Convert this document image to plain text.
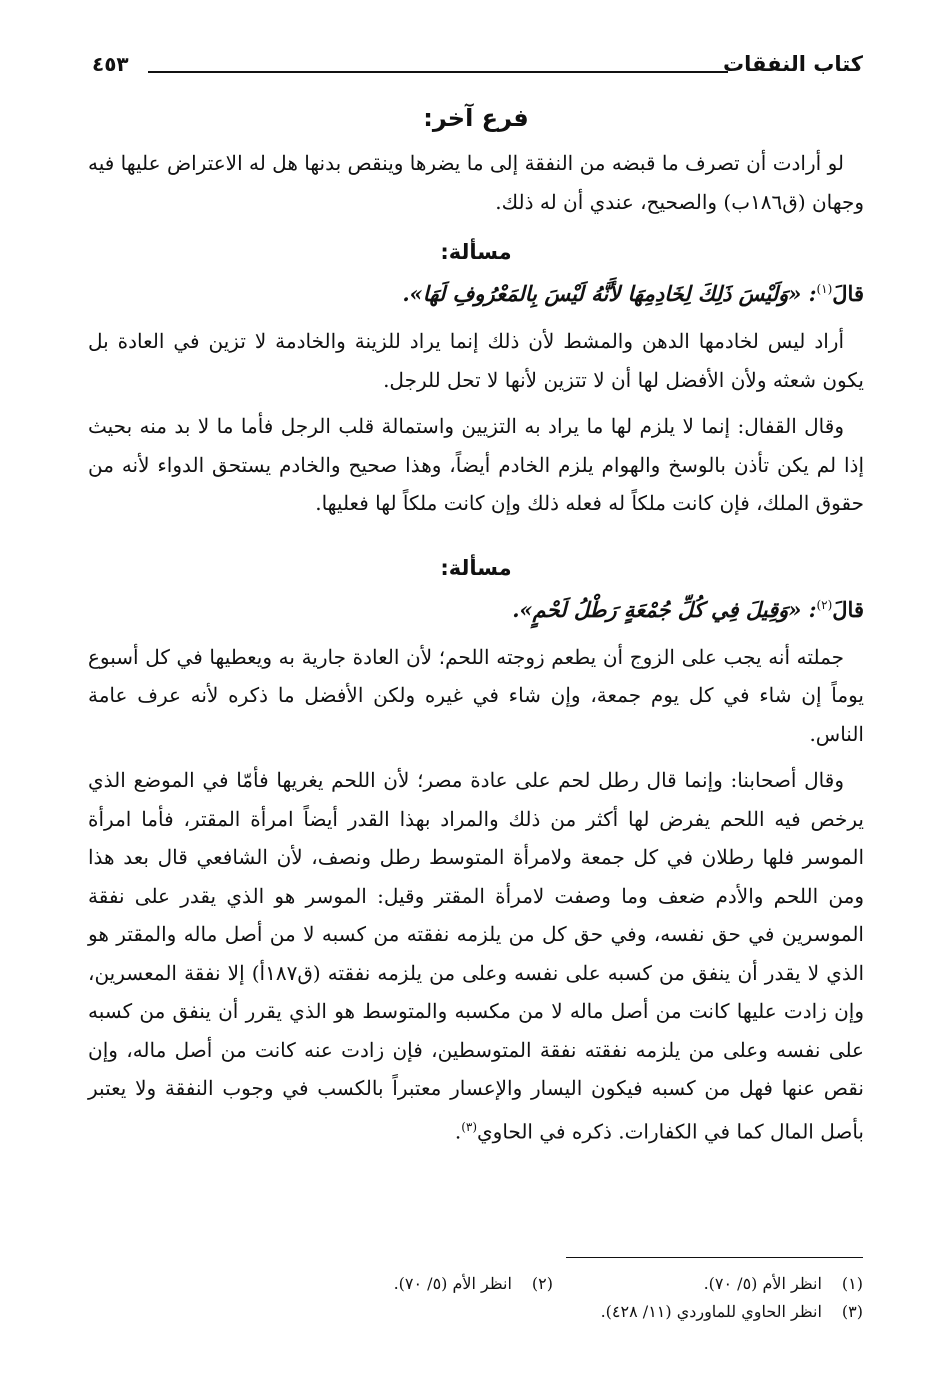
كتاب النفقات
٤٥٣
فرع آخر:

لو أرادت أن تصرف ما قبضه من النفقة إلى ما يضرها وينقص بدنها هل له الاعتراض عليها فيه وجهان (ق١٨٦ب) والصحيح، عندي أن له ذلك.

مسألة:

قالَ$^{(١)}$: «وَلَيْسَ ذَلِكَ لِخَادِمِهَا لأَنَّهُ لَيْسَ بِالمَعْرُوفِ لَهَا».

أراد ليس لخادمها الدهن والمشط لأن ذلك إنما يراد للزينة والخادمة لا تزين في العادة بل يكون شعثه ولأن الأفضل لها أن لا تتزين لأنها لا تحل للرجل.

وقال القفال: إنما لا يلزم لها ما يراد به التزيين واستمالة قلب الرجل فأما ما لا بد منه بحيث إذا لم يكن تأذن بالوسخ والهوام يلزم الخادم أيضاً، وهذا صحيح والخادم يستحق الدواء لأنه من حقوق الملك، فإن كانت ملكاً له فعله ذلك وإن كانت ملكاً لها فعليها.

مسألة:

قالَ$^{(٢)}$: «وَقِيلَ فِي كُلِّ جُمْعَةٍ رَطْلُ لَحْمٍ».

جملته أنه يجب على الزوج أن يطعم زوجته اللحم؛ لأن العادة جارية به ويعطيها في كل أسبوع يوماً إن شاء في كل يوم جمعة، وإن شاء في غيره ولكن الأفضل ما ذكره لأنه عرف عامة الناس.

وقال أصحابنا: وإنما قال رطل لحم على عادة مصر؛ لأن اللحم يغريها فأمّا في الموضع الذي يرخص فيه اللحم يفرض لها أكثر من ذلك والمراد بهذا القدر أيضاً امرأة المقتر، فأما امرأة الموسر فلها رطلان في كل جمعة ولامرأة المتوسط رطل ونصف، لأن الشافعي قال بعد هذا ومن اللحم والأدم ضعف وما وصفت لامرأة المقتر وقيل: الموسر هو الذي يقدر على نفقة الموسرين في حق نفسه، وفي حق كل من يلزمه نفقته من كسبه لا من أصل ماله والمقتر هو الذي لا يقدر أن ينفق من كسبه على نفسه وعلى من يلزمه نفقته (ق١٨٧أ) إلا نفقة المعسرين، وإن زادت عليها كانت من أصل ماله لا من مكسبه والمتوسط هو الذي يقرر أن ينفق من كسبه على نفسه وعلى من يلزمه نفقته نفقة المتوسطين، فإن زادت عنه كانت من أصل ماله، وإن نقص عنها فهل من كسبه فيكون اليسار والإعسار معتبراً بالكسب في وجوب النفقة ولا يعتبر بأصل المال كما في الكفارات. ذكره في الحاوي$^{(٣)}$.

(١) انظر الأم (٥/ ٧٠).

(٢) انظر الأم (٥/ ٧٠).

(٣) انظر الحاوي للماوردي (١١/ ٤٢٨).
